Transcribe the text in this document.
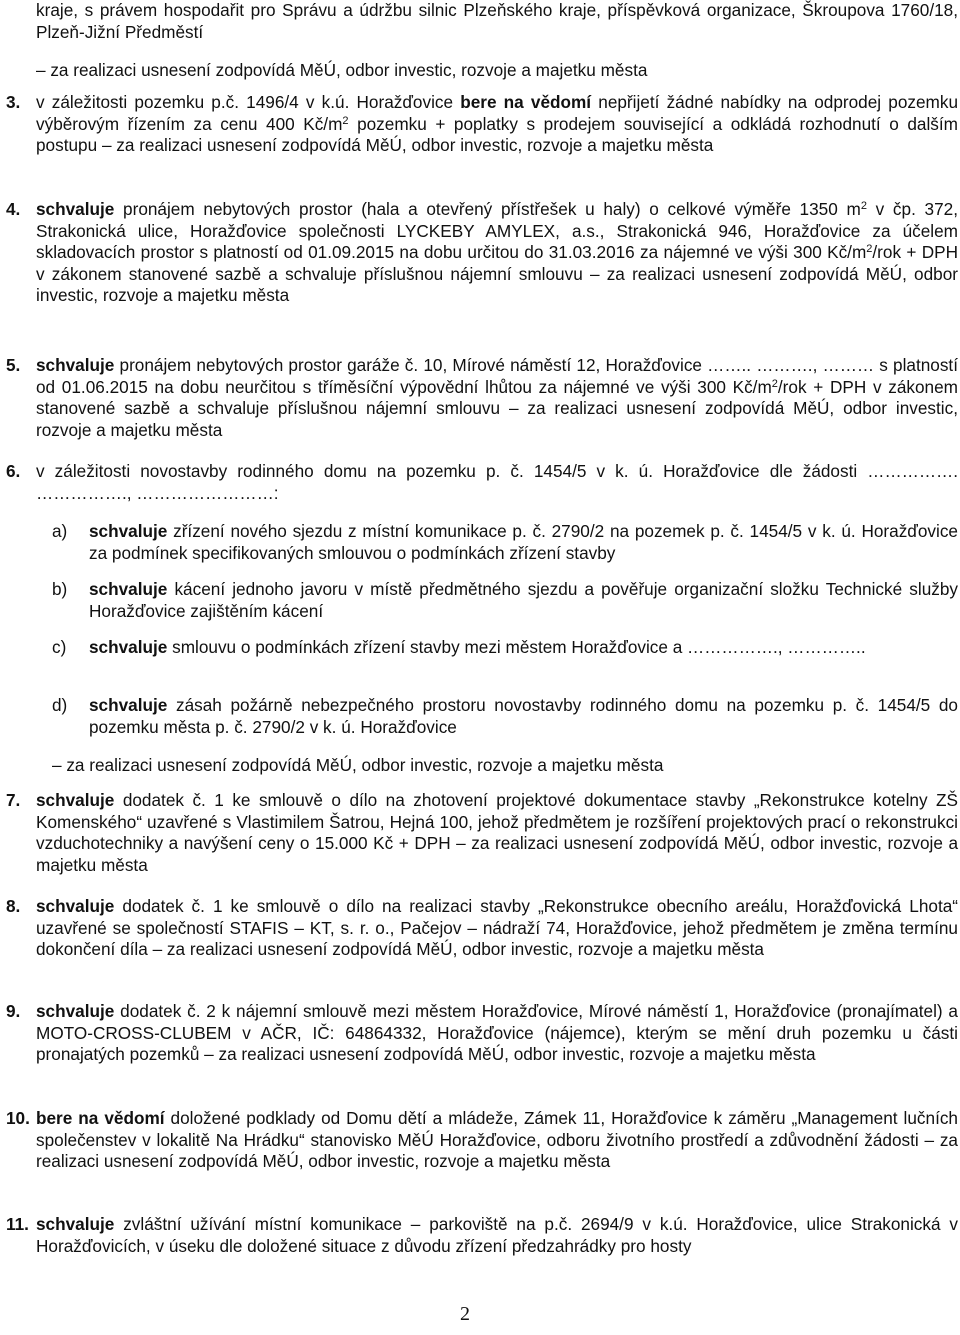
kraje, s právem hospodařit pro Správu a údržbu silnic Plzeňského kraje, příspěvková organizace, Škroupova 1760/18, Plzeň-Jižní Předměstí
– za realizaci usnesení zodpovídá MěÚ, odbor investic, rozvoje a majetku města
3. v záležitosti pozemku p.č. 1496/4 v k.ú. Horažďovice bere na vědomí nepřijetí žádné nabídky na odprodej pozemku výběrovým řízením za cenu 400 $Kč/m^2$ pozemku + poplatky s prodejem související a odkládá rozhodnutí o dalším postupu – za realizaci usnesení zodpovídá MěÚ, odbor investic, rozvoje a majetku města
4. schvaluje pronájem nebytových prostor (hala a otevřený přístřešek u haly) o celkové výměře 1350 $m^2$ v čp. 372, Strakonická ulice, Horažďovice společnosti LYCKEBY AMYLEX, a.s., Strakonická 946, Horažďovice za účelem skladovacích prostor s platností od 01.09.2015 na dobu určitou do 31.03.2016 za nájemné ve výši 300 $Kč/m^2$/rok + DPH v zákonem stanovené sazbě a schvaluje příslušnou nájemní smlouvu – za realizaci usnesení zodpovídá MěÚ, odbor investic, rozvoje a majetku města
5. schvaluje pronájem nebytových prostor garáže č. 10, Mírové náměstí 12, Horažďovice …….. ………., ……… s platností od 01.06.2015 na dobu neurčitou s tříměsíční výpovědní lhůtou za nájemné ve výši 300 $Kč/m^2$/rok + DPH v zákonem stanovené sazbě a schvaluje příslušnou nájemní smlouvu – za realizaci usnesení zodpovídá MěÚ, odbor investic, rozvoje a majetku města
6. v záležitosti novostavby rodinného domu na pozemku p. č. 1454/5 v k. ú. Horažďovice dle žádosti ……………. ……………., ……………………:
a) schvaluje zřízení nového sjezdu z místní komunikace p. č. 2790/2 na pozemek p. č. 1454/5 v k. ú. Horažďovice za podmínek specifikovaných smlouvou o podmínkách zřízení stavby
b) schvaluje kácení jednoho javoru v místě předmětného sjezdu a pověřuje organizační složku Technické služby Horažďovice zajištěním kácení
c) schvaluje smlouvu o podmínkách zřízení stavby mezi městem Horažďovice a ……………., …………..
d) schvaluje zásah požárně nebezpečného prostoru novostavby rodinného domu na pozemku p. č. 1454/5 do pozemku města p. č. 2790/2 v k. ú. Horažďovice
– za realizaci usnesení zodpovídá MěÚ, odbor investic, rozvoje a majetku města
7. schvaluje dodatek č. 1 ke smlouvě o dílo na zhotovení projektové dokumentace stavby „Rekonstrukce kotelny ZŠ Komenského“ uzavřené s Vlastimilem Šatrou, Hejná 100, jehož předmětem je rozšíření projektových prací o rekonstrukci vzduchotechniky a navýšení ceny o 15.000 Kč + DPH – za realizaci usnesení zodpovídá MěÚ, odbor investic, rozvoje a majetku města
8. schvaluje dodatek č. 1 ke smlouvě o dílo na realizaci stavby „Rekonstrukce obecního areálu, Horažďovická Lhota“ uzavřené se společností STAFIS – KT, s. r. o., Pačejov – nádraží 74, Horažďovice, jehož předmětem je změna termínu dokončení díla – za realizaci usnesení zodpovídá MěÚ, odbor investic, rozvoje a majetku města
9. schvaluje dodatek č. 2 k nájemní smlouvě mezi městem Horažďovice, Mírové náměstí 1, Horažďovice (pronajímatel) a MOTO-CROSS-CLUBEM v AČR, IČ: 64864332, Horažďovice (nájemce), kterým se mění druh pozemku u části pronajatých pozemků – za realizaci usnesení zodpovídá MěÚ, odbor investic, rozvoje a majetku města
10. bere na vědomí doložené podklady od Domu dětí a mládeže, Zámek 11, Horažďovice k záměru „Management lučních společenstev v lokalitě Na Hrádku“ stanovisko MěÚ Horažďovice, odboru životního prostředí a zdůvodnění žádosti – za realizaci usnesení zodpovídá MěÚ, odbor investic, rozvoje a majetku města
11. schvaluje zvláštní užívání místní komunikace – parkoviště na p.č. 2694/9 v k.ú. Horažďovice, ulice Strakonická v Horažďovicích, v úseku dle doložené situace z důvodu zřízení předzahrádky pro hosty
2
